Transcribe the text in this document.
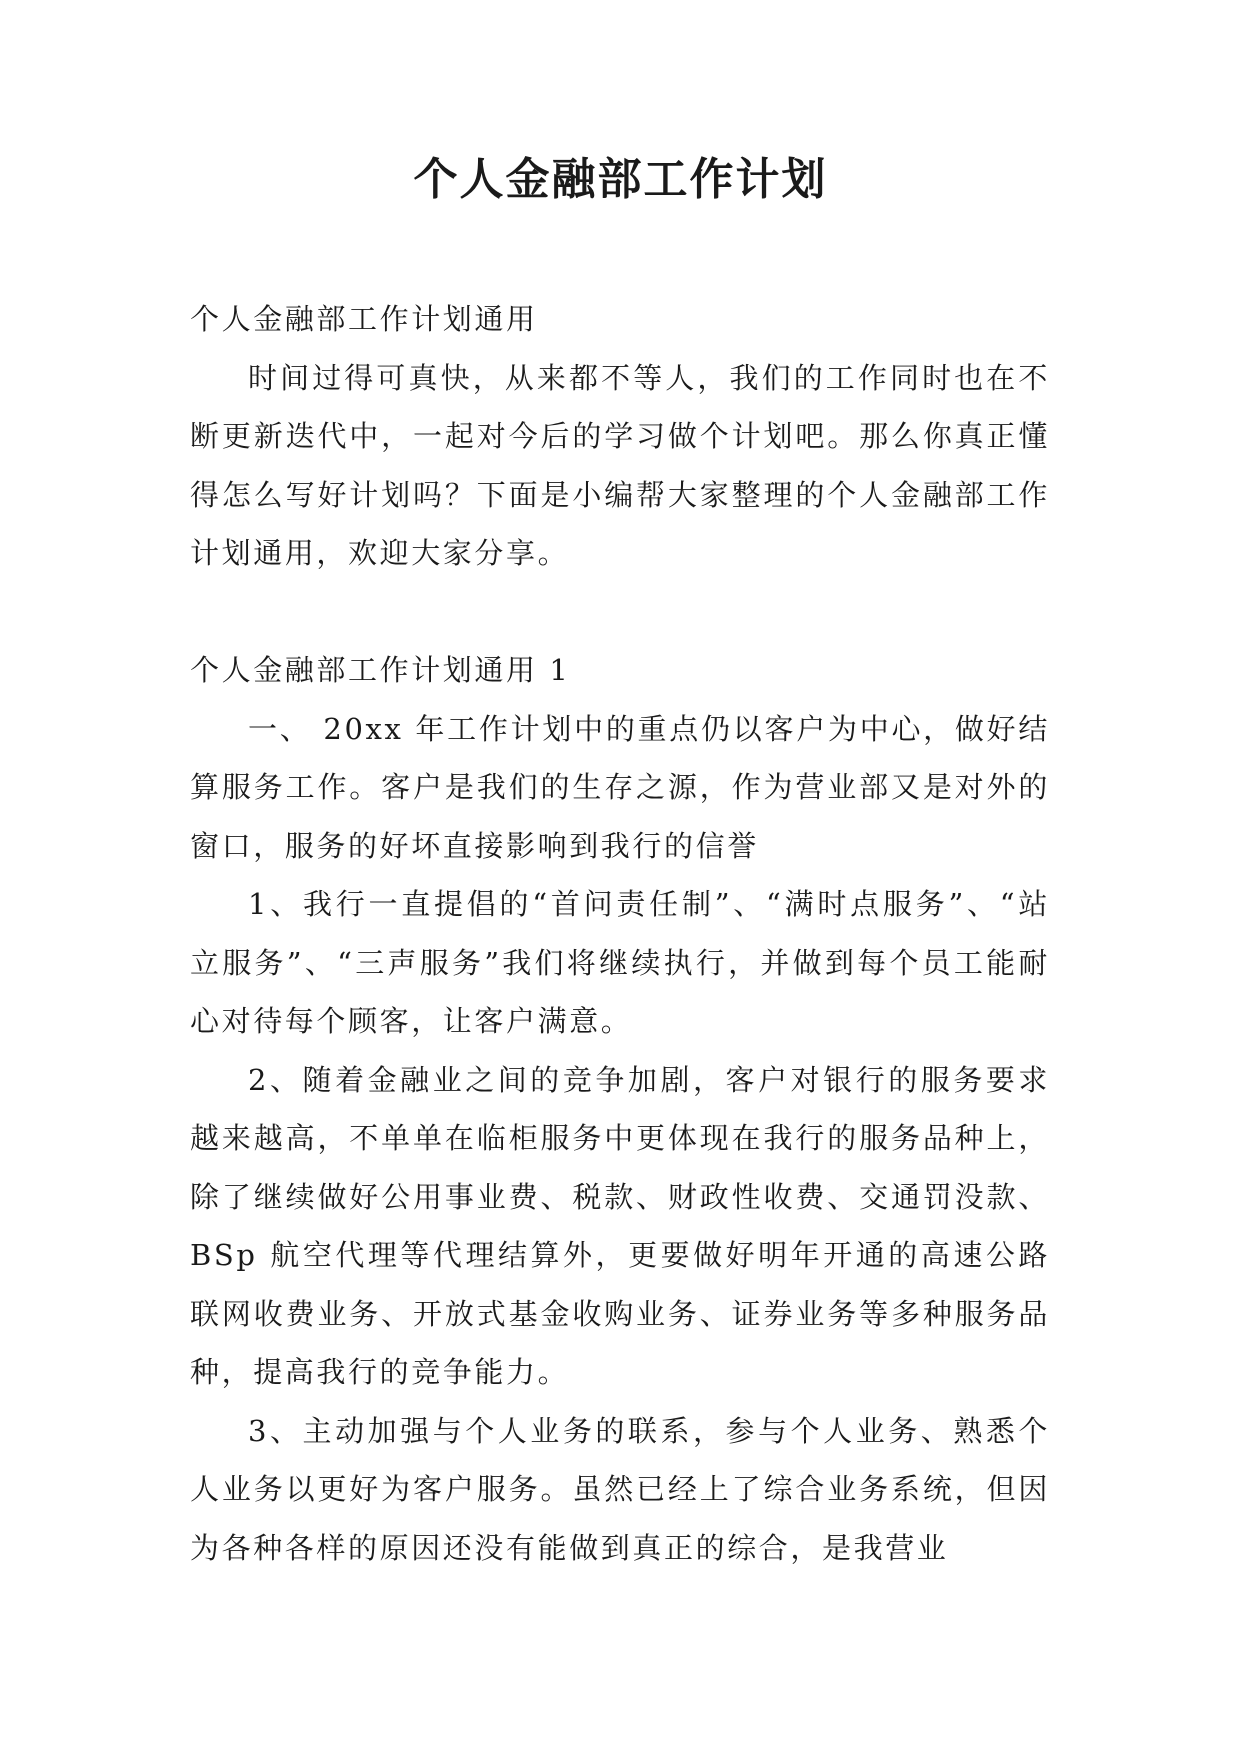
个人金融部工作计划

个人金融部工作计划通用

时间过得可真快，从来都不等人，我们的工作同时也在不断更新迭代中，一起对今后的学习做个计划吧。那么你真正懂得怎么写好计划吗？下面是小编帮大家整理的个人金融部工作计划通用，欢迎大家分享。

个人金融部工作计划通用 1

一、 20xx 年工作计划中的重点仍以客户为中心，做好结算服务工作。客户是我们的生存之源，作为营业部又是对外的窗口，服务的好坏直接影响到我行的信誉

1、我行一直提倡的“首问责任制”、“满时点服务”、“站立服务”、“三声服务”我们将继续执行，并做到每个员工能耐心对待每个顾客，让客户满意。

2、随着金融业之间的竞争加剧，客户对银行的服务要求越来越高，不单单在临柜服务中更体现在我行的服务品种上，除了继续做好公用事业费、税款、财政性收费、交通罚没款、BSp 航空代理等代理结算外，更要做好明年开通的高速公路联网收费业务、开放式基金收购业务、证券业务等多种服务品种，提高我行的竞争能力。

3、主动加强与个人业务的联系，参与个人业务、熟悉个人业务以更好为客户服务。虽然已经上了综合业务系统，但因为各种各样的原因还没有能做到真正的综合，是我营业
